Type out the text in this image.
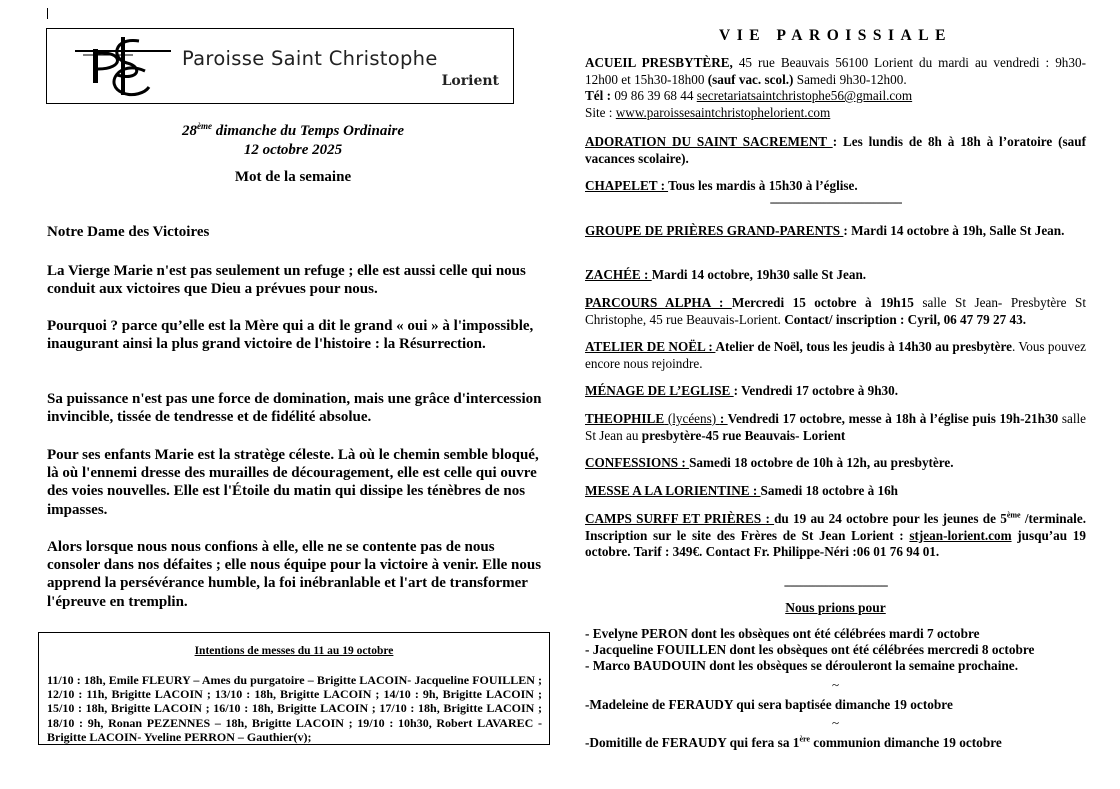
Paroisse Saint Christophe
Lorient
28ème dimanche du Temps Ordinaire
12 octobre 2025
Mot de la semaine
Notre Dame des Victoires
La Vierge Marie n'est pas seulement un refuge ; elle est aussi celle qui nous conduit aux victoires que Dieu a prévues pour nous.
Pourquoi ? parce qu’elle est la Mère qui a dit le grand « oui » à l'impossible, inaugurant ainsi la plus grand victoire de l'histoire : la Résurrection.
Sa puissance n'est pas une force de domination, mais une grâce d'intercession invincible, tissée de tendresse et de fidélité absolue.
Pour ses enfants Marie est la stratège céleste. Là où le chemin semble bloqué, là où l'ennemi dresse des murailles de découragement, elle est celle qui ouvre des voies nouvelles. Elle est l'Étoile du matin qui dissipe les ténèbres de nos impasses.
Alors lorsque nous nous confions à elle, elle ne se contente pas de nous consoler dans nos défaites ; elle nous équipe pour la victoire à venir. Elle nous apprend la persévérance humble, la foi inébranlable et l'art de transformer l'épreuve en tremplin.
Intentions de messes du 11 au 19 octobre
11/10 : 18h, Emile FLEURY – Ames du purgatoire – Brigitte LACOIN- Jacqueline FOUILLEN ; 12/10 : 11h, Brigitte LACOIN ; 13/10 : 18h, Brigitte LACOIN ; 14/10 : 9h, Brigitte LACOIN ; 15/10 : 18h, Brigitte LACOIN ; 16/10 : 18h, Brigitte LACOIN ; 17/10 : 18h, Brigitte LACOIN ; 18/10 : 9h, Ronan PEZENNES – 18h, Brigitte LACOIN ; 19/10 : 10h30, Robert LAVAREC - Brigitte LACOIN- Yveline PERRON – Gauthier(v);
VIE PAROISSIALE
ACUEIL PRESBYTÈRE, 45 rue Beauvais 56100 Lorient du mardi au vendredi : 9h30-12h00 et 15h30-18h00 (sauf vac. scol.) Samedi 9h30-12h00.
Tél : 09 86 39 68 44 secretariatsaintchristophe56@gmail.com
Site : www.paroissesaintchristophelorient.com
ADORATION DU SAINT SACREMENT : Les lundis de 8h à 18h à l’oratoire (sauf vacances scolaire).
CHAPELET : Tous les mardis à 15h30 à l’église.
------------------------------------------
GROUPE DE PRIÈRES GRAND-PARENTS : Mardi 14 octobre à 19h, Salle St Jean.
ZACHÉE : Mardi 14 octobre, 19h30 salle St Jean.
PARCOURS ALPHA : Mercredi 15 octobre à 19h15 salle St Jean- Presbytère St Christophe, 45 rue Beauvais-Lorient. Contact/ inscription : Cyril, 06 47 79 27 43.
ATELIER DE NOËL : Atelier de Noël, tous les jeudis à 14h30 au presbytère. Vous pouvez encore nous rejoindre.
MÉNAGE DE L’EGLISE : Vendredi 17 octobre à 9h30.
THEOPHILE (lycéens) : Vendredi 17 octobre, messe à 18h à l’église puis 19h-21h30 salle St Jean au presbytère-45 rue Beauvais- Lorient
CONFESSIONS : Samedi 18 octobre de 10h à 12h, au presbytère.
MESSE A LA LORIENTINE : Samedi 18 octobre à 16h
CAMPS SURFF ET PRIÈRES : du 19 au 24 octobre pour les jeunes de 5ème /terminale. Inscription sur le site des Frères de St Jean Lorient : stjean-lorient.com jusqu’au 19 octobre. Tarif : 349€. Contact Fr. Philippe-Néri :06 01 76 94 01.
---------------------------------
Nous prions pour
- Evelyne PERON dont les obsèques ont été célébrées mardi 7 octobre
- Jacqueline FOUILLEN dont les obsèques ont été célébrées mercredi 8 octobre
- Marco BAUDOUIN dont les obsèques se dérouleront la semaine prochaine.
~
-Madeleine de FERAUDY qui sera baptisée dimanche 19 octobre
~
-Domitille de FERAUDY qui fera sa 1ère communion dimanche 19 octobre
